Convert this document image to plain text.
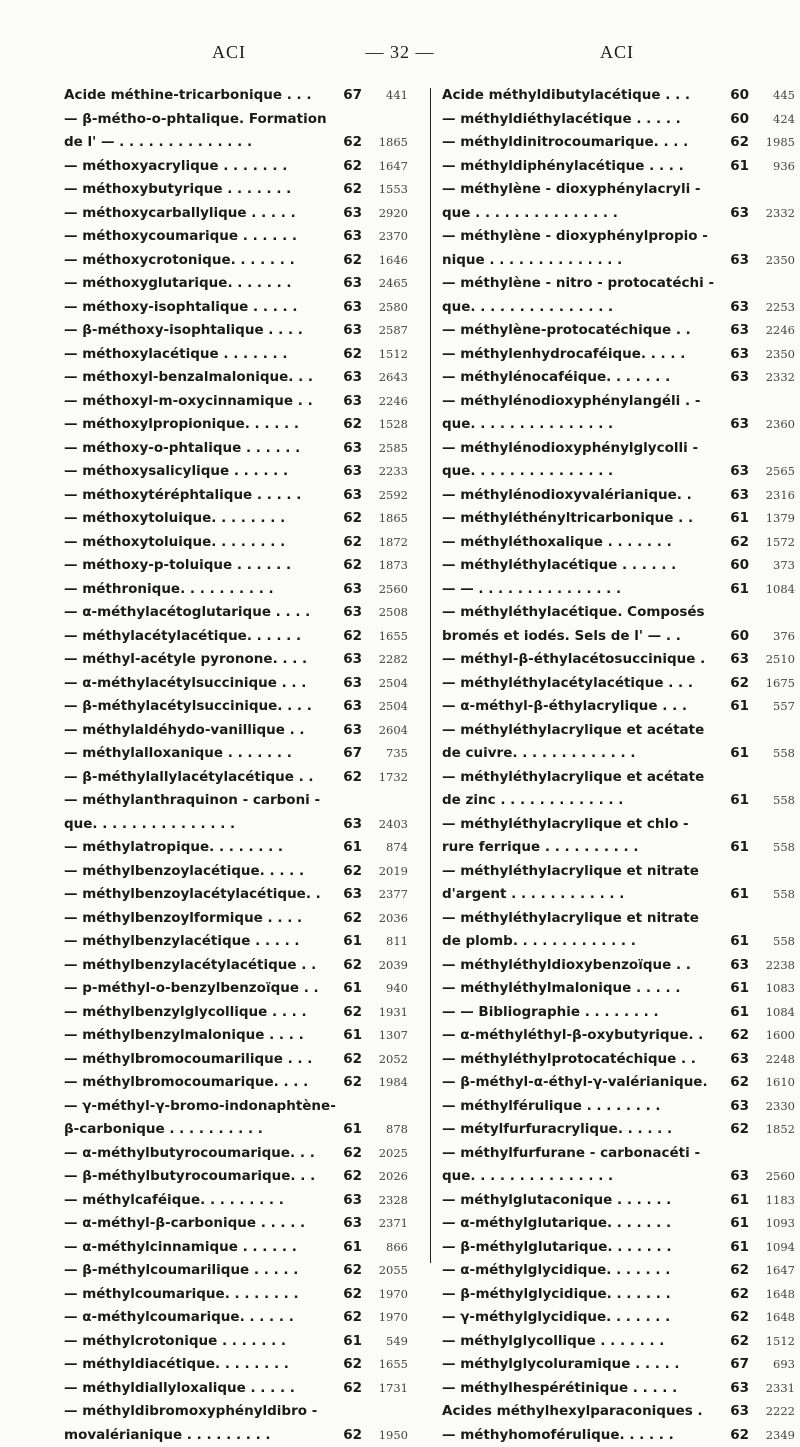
ACI	— 32 —	ACI
Acide méthine-tricarbonique . . . 67	441
— β-métho-o-phtalique. Formation
de l' — . . . . . . . . . . . . . .	62	1865
— méthoxyacrylique . . . . . . .	62	1647
— méthoxybutyrique . . . . . . .	62	1553
— méthoxycarballylique . . . . .	63	2920
— méthoxycoumarique . . . . . .	63	2370
— méthoxycrotonique. . . . . . .	62	1646
— méthoxyglutarique. . . . . . .	63	2465
— méthoxy-isophtalique . . . . .	63	2580
— β-méthoxy-isophtalique . . . .	63	2587
— méthoxylacétique . . . . . . .	62	1512
— méthoxyl-benzalmalonique. . . 63	2643
— méthoxyl-m-oxycinnamique . . 63	2246
— méthoxylpropionique. . . . . .	62	1528
— méthoxy-o-phtalique . . . . . .	63	2585
— méthoxysalicylique . . . . . .	63	2233
— méthoxytéréphtalique . . . . .	63	2592
— méthoxytoluique. . . . . . . .	62	1865
— méthoxytoluique. . . . . . . .	62	1872
— méthoxy-p-toluique . . . . . .	62	1873
— méthronique. . . . . . . . . .	63	2560
— α-méthylacétoglutarique . . . . 63	2508
— méthylacétylacétique. . . . . .	62	1655
— méthyl-acétyle pyronone. . . .	63	2282
— α-méthylacétylsuccinique . . .	63	2504
— β-méthylacétylsuccinique. . . . 63	2504
— méthylaldéhydo-vanillique . .	63	2604
— méthylalloxanique . . . . . . .	67	735
— β-méthylallylacétylacétique . . 62	1732
— méthylanthraquinon - carboni -
que. . . . . . . . . . . . . . .	63	2403
— méthylatropique. . . . . . . .	61	874
— méthylbenzoylacétique. . . . .	62	2019
— méthylbenzoylacétylacétique. . 63	2377
— méthylbenzoylformique . . . .	62	2036
— méthylbenzylacétique . . . . .	61	811
— méthylbenzylacétylacétique . . 62	2039
— p-méthyl-o-benzylbenzoïque . . 61	940
— méthylbenzylglycollique . . . .	62	1931
— méthylbenzylmalonique . . . .	61	1307
— méthylbromocoumarilique . . . 62	2052
— méthylbromocoumarique. . . .	62	1984
— γ-méthyl-γ-bromo-indonaphtène-
β-carbonique . . . . . . . . . .	61	878
— α-méthylbutyrocoumarique. . . 62	2025
— β-méthylbutyrocoumarique. . . 62	2026
— méthylcaféique. . . . . . . . .	63	2328
— α-méthyl-β-carbonique . . . . .	63	2371
— α-méthylcinnamique . . . . . .	61	866
— β-méthylcoumarilique . . . . .	62	2055
— méthylcoumarique. . . . . . . .	62	1970
— α-méthylcoumarique. . . . . .	62	1970
— méthylcrotonique . . . . . . .	61	549
— méthyldiacétique. . . . . . . .	62	1655
— méthyldiallyloxalique . . . . .	62	1731
— méthyldibromoxyphényldibro -
movalérianique . . . . . . . . .	62	1950
Acide méthyldibutylacétique . . .	60	445
— méthyldiéthylacétique . . . . .	60	424
— méthyldinitrocoumarique. . . .	62	1985
— méthyldiphénylacétique . . . .	61	936
— méthylène - dioxyphénylacryli -
que . . . . . . . . . . . . . . .	63	2332
— méthylène - dioxyphénylpropio -
nique . . . . . . . . . . . . . .	63	2350
— méthylène - nitro - protocatéchi -
que. . . . . . . . . . . . . . .	63	2253
— méthylène-protocatéchique . .	63	2246
— méthylenhydrocaféique. . . . .	63	2350
— méthylénocaféique. . . . . . .	63	2332
— méthylénodioxyphénylangéli . -
que. . . . . . . . . . . . . . .	63	2360
— méthylénodioxyphénylglycolli -
que. . . . . . . . . . . . . . .	63	2565
— méthylénodioxyvalérianique. .	63	2316
— méthyléthényltricarbonique . .	61	1379
— méthyléthoxalique . . . . . . .	62	1572
— méthyléthylacétique . . . . . .	60	373
— — . . . . . . . . . . . . . . .	61	1084
— méthyléthylacétique. Composés
bromés et iodés. Sels de l' — . .	60	376
— méthyl-β-éthylacétosuccinique . 63	2510
— méthyléthylacétylacétique . . .	62	1675
— α-méthyl-β-éthylacrylique . . .	61	557
— méthyléthylacrylique et acétate
de cuivre. . . . . . . . . . . . .	61	558
— méthyléthylacrylique et acétate
de zinc . . . . . . . . . . . . .	61	558
— méthyléthylacrylique et chlo -
rure ferrique . . . . . . . . . .	61	558
— méthyléthylacrylique et nitrate
d'argent . . . . . . . . . . . .	61	558
— méthyléthylacrylique et nitrate
de plomb. . . . . . . . . . . . .	61	558
— méthyléthyldioxybenzoïque . .	63	2238
— méthyléthylmalonique . . . . .	61	1083
— — Bibliographie . . . . . . . .	61	1084
— α-méthyléthyl-β-oxybutyrique. . 62	1600
— méthyléthylprotocatéchique . .	63	2248
— β-méthyl-α-éthyl-γ-valérianique. 62	1610
— méthylférulique . . . . . . . .	63	2330
— métylfurfuracrylique. . . . . .	62	1852
— méthylfurfurane - carbonacéti -
que. . . . . . . . . . . . . . .	63	2560
— méthylglutaconique . . . . . .	61	1183
— α-méthylglutarique. . . . . . .	61	1093
— β-méthylglutarique. . . . . . .	61	1094
— α-méthylglycidique. . . . . . .	62	1647
— β-méthylglycidique. . . . . . .	62	1648
— γ-méthylglycidique. . . . . . .	62	1648
— méthylglycollique . . . . . . .	62	1512
— méthylglycoluramique . . . . .	67	693
— méthylhespérétinique . . . . .	63	2331
Acides méthylhexylparaconiques . 63	2222
— méthyhomoférulique. . . . . .	62	2349
